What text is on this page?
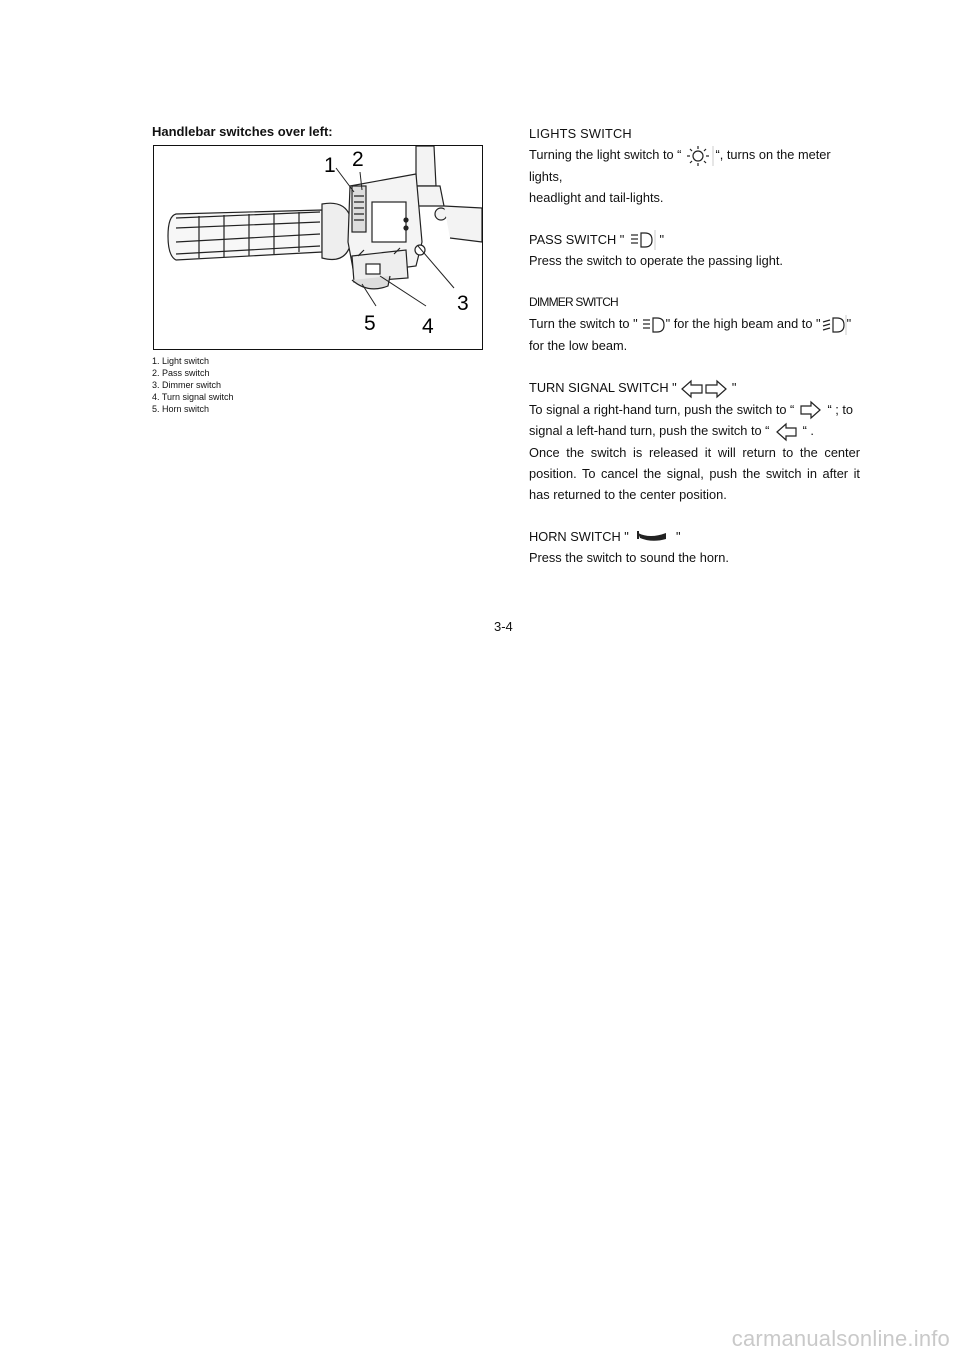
Handlebar switches over left:
1 2
3
4
5
1. Light switch
2. Pass switch
3. Dimmer switch
4. Turn signal switch
5. Horn switch

LIGHTS SWITCH

Turning the light switch to “	“, turns on the meter lights,

headlight and tail-lights.

PASS SWITCH "	"

Press the switch to operate the passing light.

DIMMER SWITCH

Turn the switch to " " for the high beam and to " "

for the low beam.

TURN SIGNAL SWITCH "	"

To signal a right-hand turn, push the switch to “	“ ; to

signal a left-hand turn, push the switch to “	“ .

Once the switch is released it will return to the center

position. To cancel the signal, push the switch in after it

has returned to the center position.

HORN SWITCH "	"

Press the switch to sound the horn.

3-4
carmanualsonline.info
